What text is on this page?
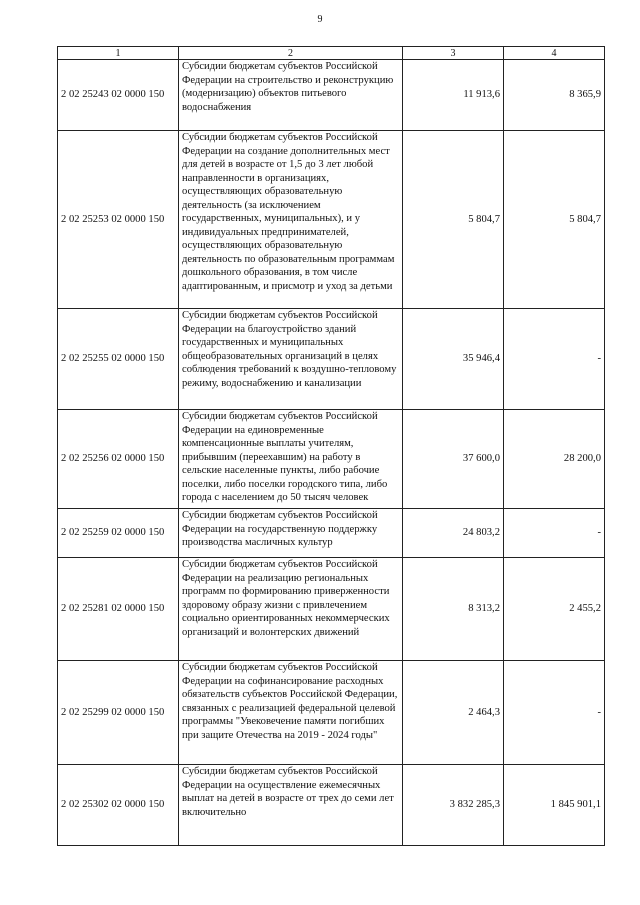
9
1	2	3	4
2 02 25243 02 0000 150	Субсидии бюджетам субъектов Российской Федерации на строительство и реконструкцию (модернизацию) объектов питьевого водоснабжения	11 913,6	8 365,9
2 02 25253 02 0000 150	Субсидии бюджетам субъектов Российской Федерации на создание дополнительных мест для детей в возрасте от 1,5 до 3 лет любой направленности в организациях, осуществляющих образовательную деятельность (за исключением государственных, муниципальных), и у индивидуальных предпринимателей, осуществляющих образовательную деятельность по образовательным программам дошкольного образования, в том числе адаптированным, и присмотр и уход за детьми	5 804,7	5 804,7
2 02 25255 02 0000 150	Субсидии бюджетам субъектов Российской Федерации на благоустройство зданий государственных и муниципальных общеобразовательных организаций в целях соблюдения требований к воздушно-тепловому режиму, водоснабжению и канализации	35 946,4	-
2 02 25256 02 0000 150	Субсидии бюджетам субъектов Российской Федерации на единовременные компенсационные выплаты учителям, прибывшим (переехавшим) на работу в сельские населенные пункты, либо рабочие поселки, либо поселки городского типа, либо города с населением до 50 тысяч человек	37 600,0	28 200,0
2 02 25259 02 0000 150	Субсидии бюджетам субъектов Российской Федерации на государственную поддержку производства масличных культур	24 803,2	-
2 02 25281 02 0000 150	Субсидии бюджетам субъектов Российской Федерации на реализацию региональных программ по формированию приверженности здоровому образу жизни с привлечением социально ориентированных некоммерческих организаций и волонтерских движений	8 313,2	2 455,2
2 02 25299 02 0000 150	Субсидии бюджетам субъектов Российской Федерации на софинансирование расходных обязательств субъектов Российской Федерации, связанных с реализацией федеральной целевой программы "Увековечение памяти погибших при защите Отечества на 2019 - 2024 годы"	2 464,3	-
2 02 25302 02 0000 150	Субсидии бюджетам субъектов Российской Федерации на осуществление ежемесячных выплат на детей в возрасте от трех до семи лет включительно	3 832 285,3	1 845 901,1
